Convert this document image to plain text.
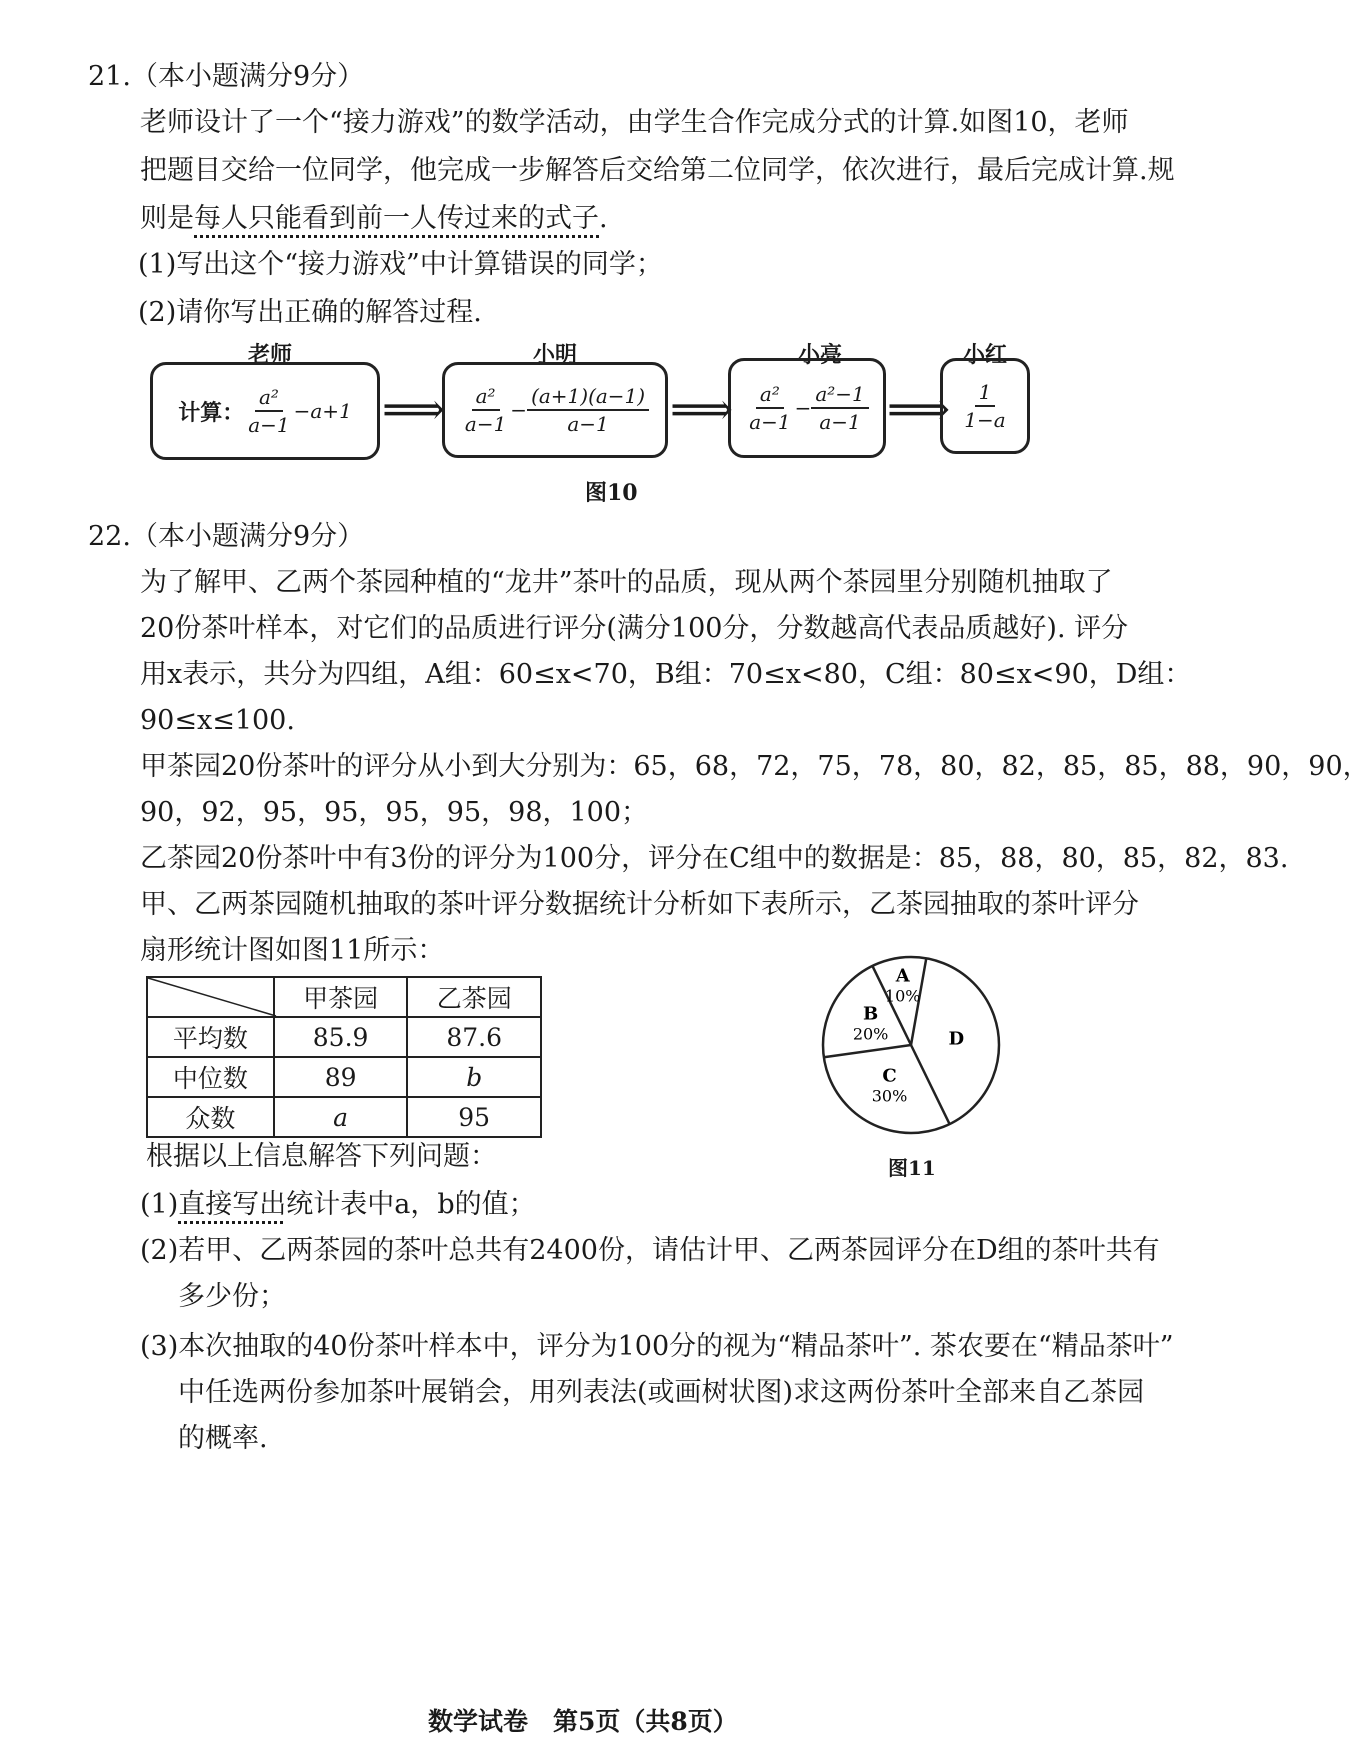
21.（本小题满分9分）
老师设计了一个“接力游戏”的数学活动，由学生合作完成分式的计算.如图10，老师
把题目交给一位同学，他完成一步解答后交给第二位同学，依次进行，最后完成计算.规
则是每人只能看到前一人传过来的式子.
(1)写出这个“接力游戏”中计算错误的同学；
(2)请你写出正确的解答过程.
老师	小明	小亮	小红
计算： $\frac{\text{a²}}{a-1} -a+1$ ⟹ $\frac{\text{a²}}{a-1} - \frac{(a+1)(a-1)}{a-1}$ ⟹ $\frac{\text{a²}}{a-1} - \frac{\text{a²−1}}{a-1}$ ⟹ $\frac{1}{1-a}$
图10
22.（本小题满分9分）
为了解甲、乙两个茶园种植的“龙井”茶叶的品质，现从两个茶园里分别随机抽取了
20份茶叶样本，对它们的品质进行评分(满分100分，分数越高代表品质越好). 评分
用x表示，共分为四组，A组：60≤x<70，B组：70≤x<80，C组：80≤x<90，D组：
90≤x≤100.
甲茶园20份茶叶的评分从小到大分别为：65，68，72，75，78，80，82，85，85，88，90，90，
90，92，95，95，95，95，98，100；
乙茶园20份茶叶中有3份的评分为100分，评分在C组中的数据是：85，88，80，85，82，83.
甲、乙两茶园随机抽取的茶叶评分数据统计分析如下表所示，乙茶园抽取的茶叶评分
扇形统计图如图11所示：
	甲茶园	乙茶园
平均数	85.9	87.6
中位数	89	b
众数	a	95
A
10%
B
20%
C
30%
D
图11
根据以上信息解答下列问题：
(1)直接写出统计表中a，b的值；
(2)若甲、乙两茶园的茶叶总共有2400份，请估计甲、乙两茶园评分在D组的茶叶共有
多少份；
(3)本次抽取的40份茶叶样本中，评分为100分的视为“精品茶叶”. 茶农要在“精品茶叶”
中任选两份参加茶叶展销会，用列表法(或画树状图)求这两份茶叶全部来自乙茶园
的概率.
数学试卷　第5页（共8页）
